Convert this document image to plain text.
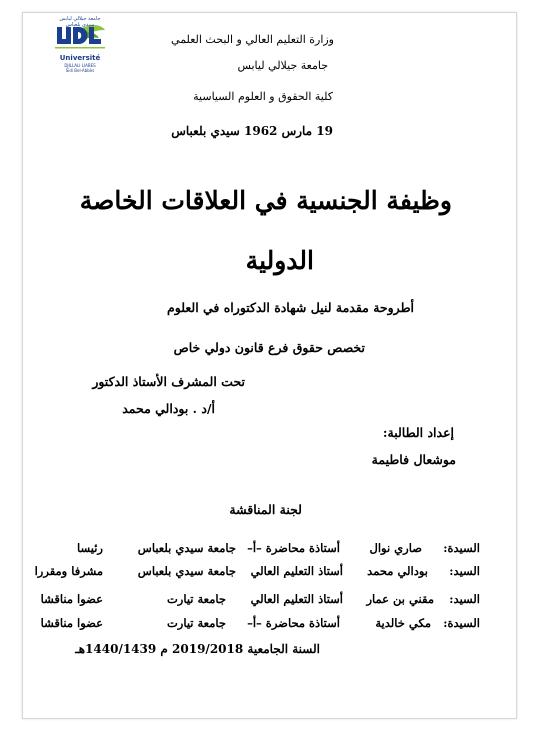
جامعة جيلالي ليابس سيدي بلعباس
Université
DJILLALI LIABES
Sidi Bel-Abbès
وزارة التعليم العالي و البحث العلمي
جامعة جيلالي ليابس
كلية الحقوق و العلوم السياسية
19 مارس 1962 سيدي بلعباس
وظيفة الجنسية في العلاقات الخاصة
الدولية
أطروحة مقدمة لنيل شهادة الدكتوراه في العلوم
تخصص حقوق فرع قانون دولي خاص
تحت المشرف الأستاذ الدكتور
أ/د . بودالي محمد
إعداد الطالبة:
موشعال فاطيمة
لجنة المناقشة
السيدة:
صاري نوال
أستاذة محاضرة –أ–
جامعة سيدي بلعباس
رئيسا
السيد:
بودالي محمد
أستاذ التعليم العالي
جامعة سيدي بلعباس
مشرفا ومقررا
السيد:
مقني بن عمار
أستاذ التعليم العالي
جامعة تيارت
عضوا مناقشا
السيدة:
مكي خالدية
أستاذة محاضرة –أ–
جامعة تيارت
عضوا مناقشا
السنة الجامعية 2019/2018 م 1440/1439هـ
